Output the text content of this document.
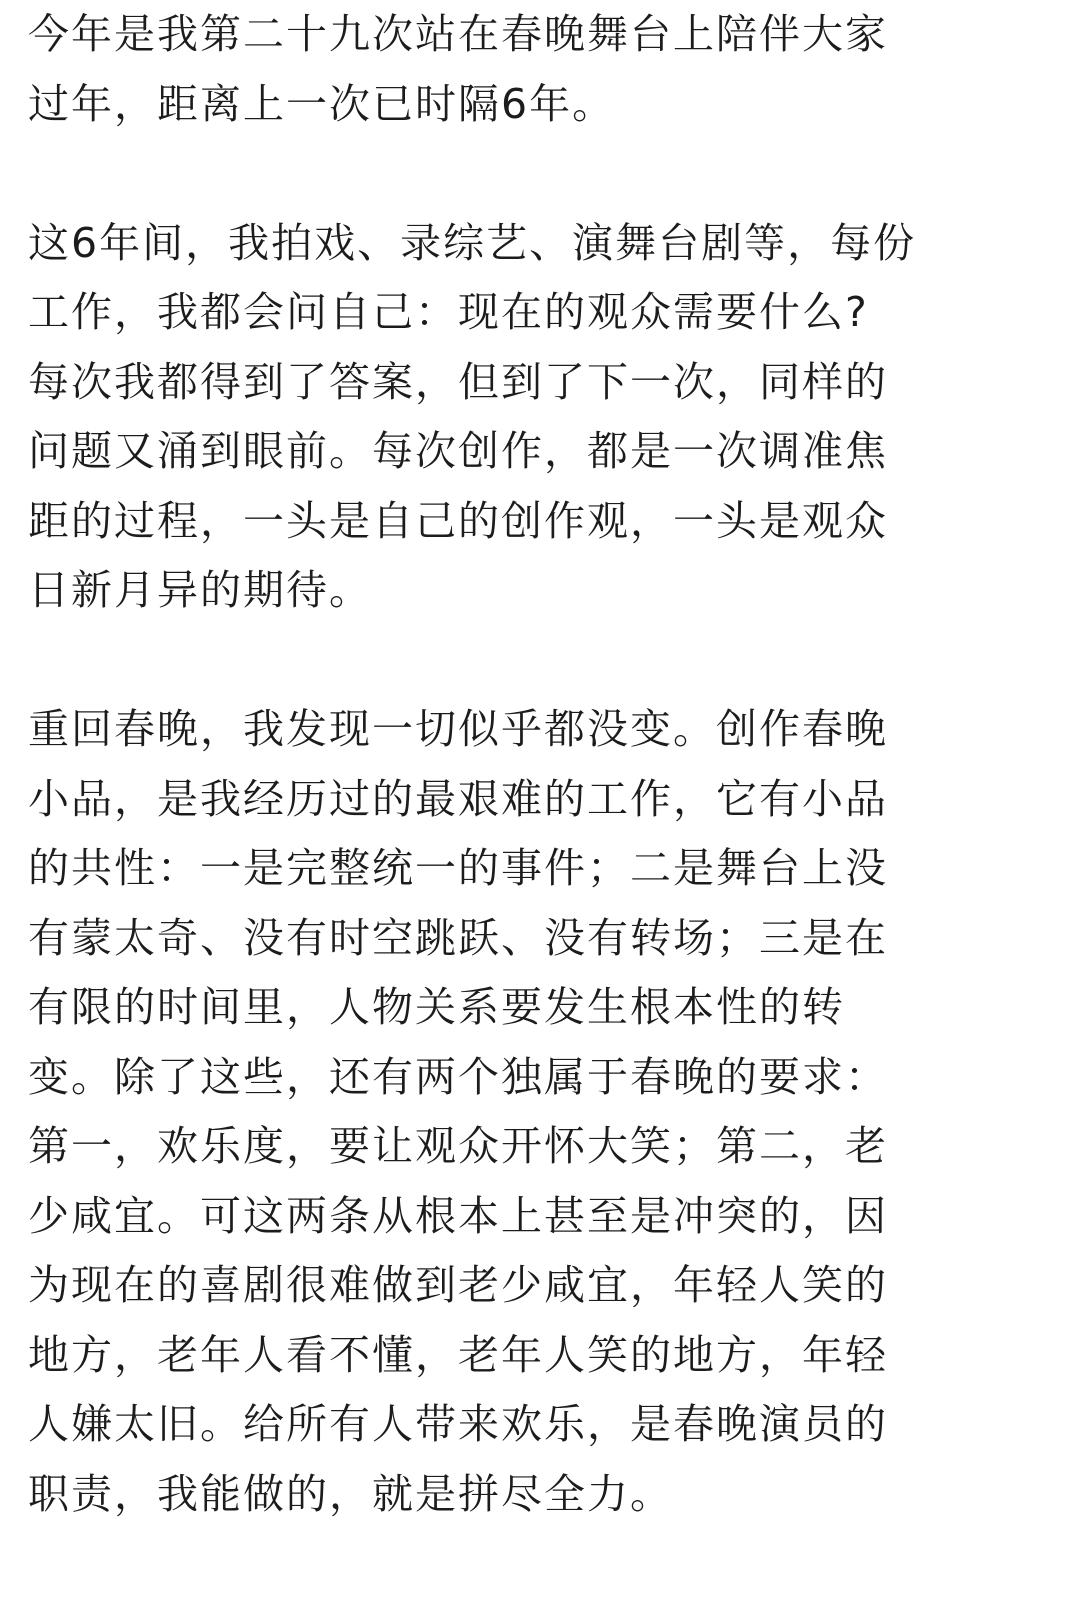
今年是我第二十九次站在春晚舞台上陪伴大家
过年，距离上一次已时隔6年。
这6年间，我拍戏、录综艺、演舞台剧等，每份
工作，我都会问自己：现在的观众需要什么?
每次我都得到了答案，但到了下一次，同样的
问题又涌到眼前。每次创作，都是一次调准焦
距的过程，一头是自己的创作观，一头是观众
日新月异的期待。
重回春晚，我发现一切似乎都没变。创作春晚
小品，是我经历过的最艰难的工作，它有小品
的共性：一是完整统一的事件；二是舞台上没
有蒙太奇、没有时空跳跃、没有转场；三是在
有限的时间里，人物关系要发生根本性的转
变。除了这些，还有两个独属于春晚的要求：
第一，欢乐度，要让观众开怀大笑；第二，老
少咸宜。可这两条从根本上甚至是冲突的，因
为现在的喜剧很难做到老少咸宜，年轻人笑的
地方，老年人看不懂，老年人笑的地方，年轻
人嫌太旧。给所有人带来欢乐，是春晚演员的
职责，我能做的，就是拼尽全力。
